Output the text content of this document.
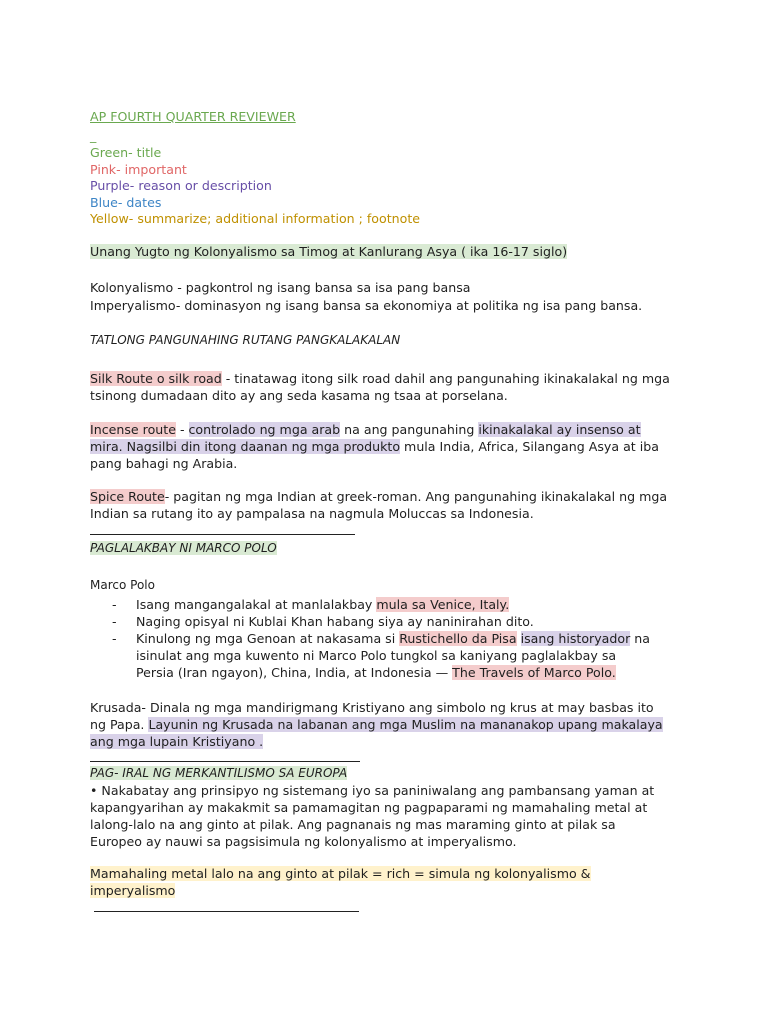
AP FOURTH QUARTER REVIEWER
_
Green- title
Pink- important
Purple- reason or description
Blue- dates
Yellow- summarize; additional information ; footnote
Unang Yugto ng Kolonyalismo sa Timog at Kanlurang Asya ( ika 16-17 siglo)
Kolonyalismo - pagkontrol ng isang bansa sa isa pang bansa
Imperyalismo- dominasyon ng isang bansa sa ekonomiya at politika ng isa pang bansa.
TATLONG PANGUNAHING RUTANG PANGKALAKALAN
Silk Route o silk road - tinatawag itong silk road dahil ang pangunahing ikinakalakal ng mga tsinong dumadaan dito ay ang seda kasama ng tsaa at porselana.
Incense route - controlado ng mga arab na ang pangunahing ikinakalakal ay insenso at mira. Nagsilbi din itong daanan ng mga produkto mula India, Africa, Silangang Asya at iba pang bahagi ng Arabia.
Spice Route- pagitan ng mga Indian at greek-roman. Ang pangunahing ikinakalakal ng mga Indian sa rutang ito ay pampalasa na nagmula Moluccas sa Indonesia.
PAGLALAKBAY NI MARCO POLO
Marco Polo
- Isang mangangalakal at manlalakbay mula sa Venice, Italy.
- Naging opisyal ni Kublai Khan habang siya ay naninirahan dito.
- Kinulong ng mga Genoan at nakasama si Rustichello da Pisa isang historyador na isinulat ang mga kuwento ni Marco Polo tungkol sa kaniyang paglalakbay sa Persia (Iran ngayon), China, India, at Indonesia — The Travels of Marco Polo.
Krusada- Dinala ng mga mandirigmang Kristiyano ang simbolo ng krus at may basbas ito ng Papa. Layunin ng Krusada na labanan ang mga Muslim na mananakop upang makalaya ang mga lupain Kristiyano .
PAG- IRAL NG MERKANTILISMO SA EUROPA
• Nakabatay ang prinsipyo ng sistemang iyo sa paniniwalang ang pambansang yaman at kapangyarihan ay makakmit sa pamamagitan ng pagpaparami ng mamahaling metal at lalong-lalo na ang ginto at pilak. Ang pagnanais ng mas maraming ginto at pilak sa Europeo ay nauwi sa pagsisimula ng kolonyalismo at imperyalismo.
Mamahaling metal lalo na ang ginto at pilak = rich = simula ng kolonyalismo & imperyalismo
